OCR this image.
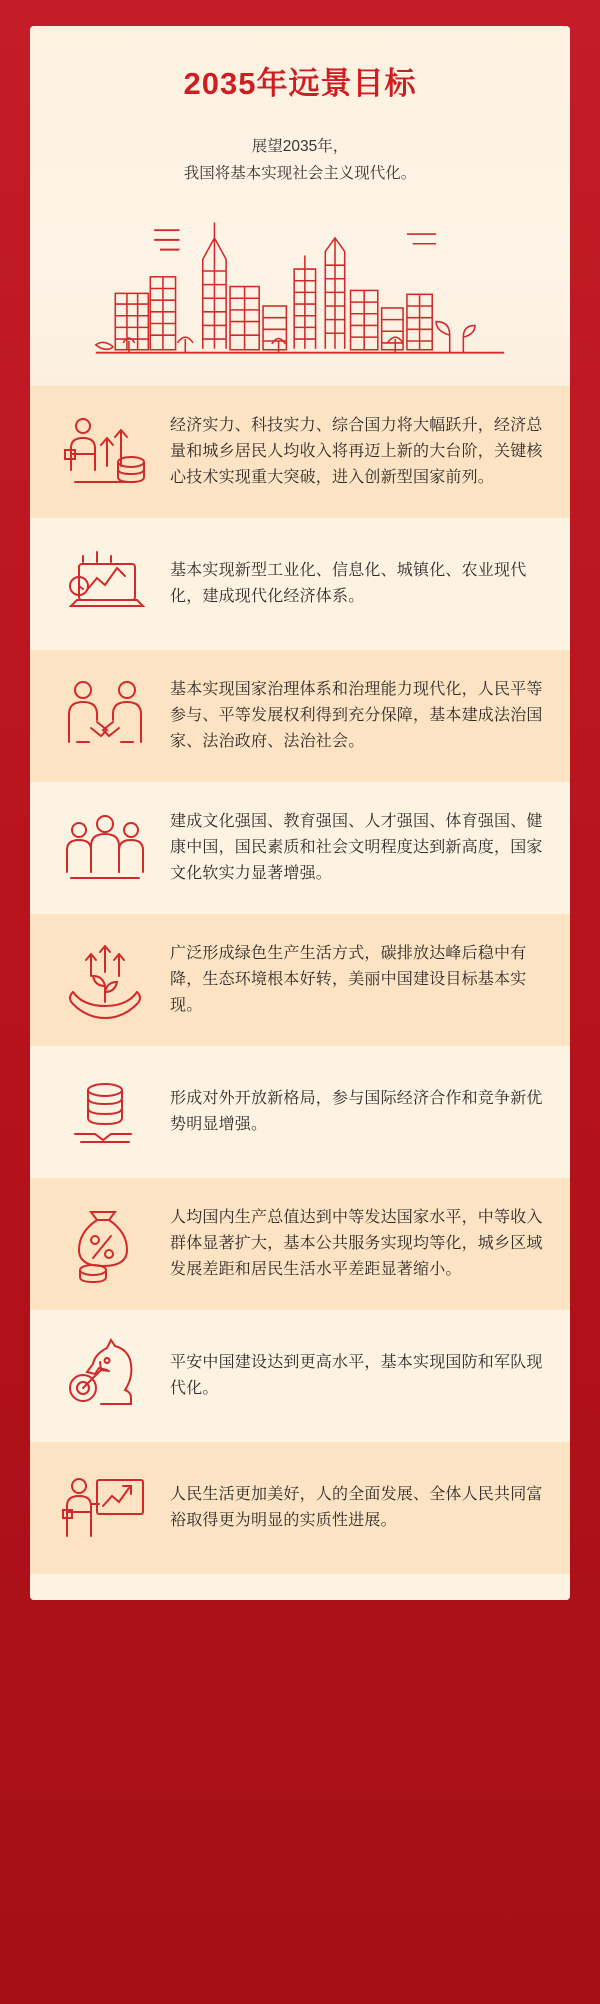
2035年远景目标
展望2035年，
我国将基本实现社会主义现代化。
经济实力、科技实力、综合国力将大幅跃升，经济总量和城乡居民人均收入将再迈上新的大台阶，关键核心技术实现重大突破，进入创新型国家前列。
基本实现新型工业化、信息化、城镇化、农业现代化，建成现代化经济体系。
基本实现国家治理体系和治理能力现代化，人民平等参与、平等发展权利得到充分保障，基本建成法治国家、法治政府、法治社会。
建成文化强国、教育强国、人才强国、体育强国、健康中国，国民素质和社会文明程度达到新高度，国家文化软实力显著增强。
广泛形成绿色生产生活方式，碳排放达峰后稳中有降，生态环境根本好转，美丽中国建设目标基本实现。
形成对外开放新格局，参与国际经济合作和竞争新优势明显增强。
人均国内生产总值达到中等发达国家水平，中等收入群体显著扩大，基本公共服务实现均等化，城乡区域发展差距和居民生活水平差距显著缩小。
平安中国建设达到更高水平，基本实现国防和军队现代化。
人民生活更加美好，人的全面发展、全体人民共同富裕取得更为明显的实质性进展。
